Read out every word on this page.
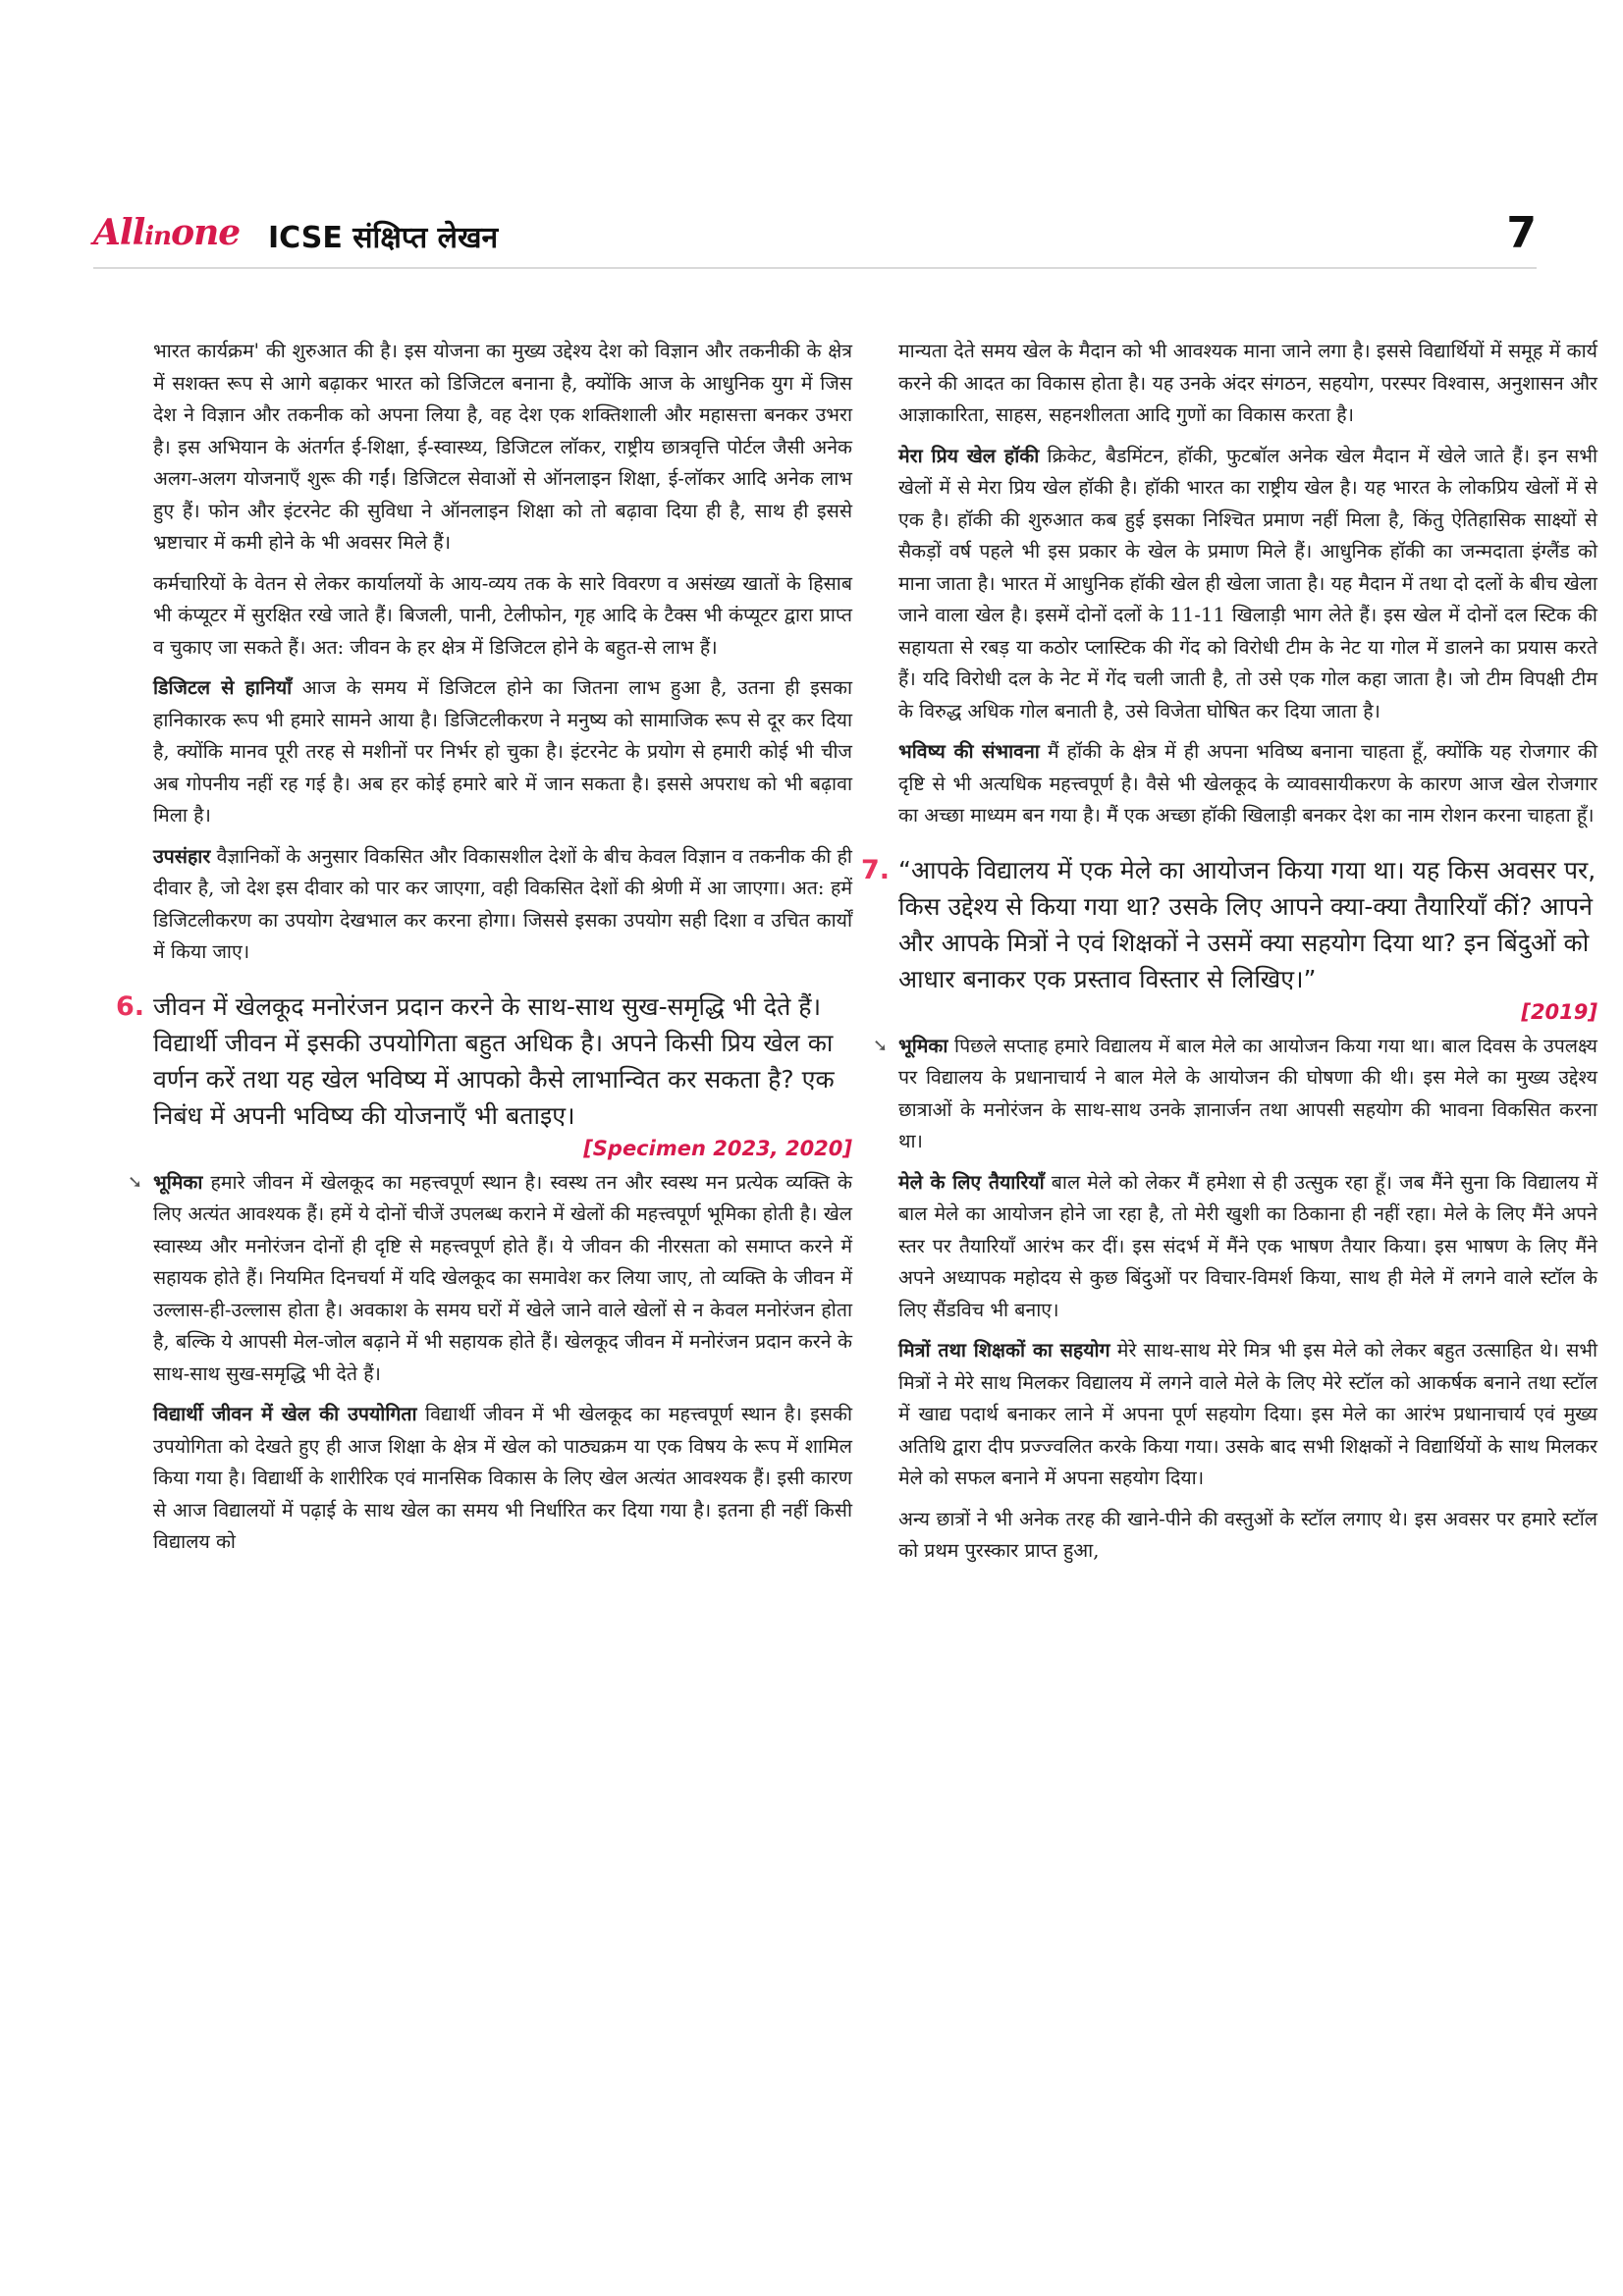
Allinone ICSE संक्षिप्त लेखन	7

भारत कार्यक्रम' की शुरुआत की है। इस योजना का मुख्य उद्देश्य देश को विज्ञान और तकनीकी के क्षेत्र में सशक्त रूप से आगे बढ़ाकर भारत को डिजिटल बनाना है, क्योंकि आज के आधुनिक युग में जिस देश ने विज्ञान और तकनीक को अपना लिया है, वह देश एक शक्तिशाली और महासत्ता बनकर उभरा है। इस अभियान के अंतर्गत ई-शिक्षा, ई-स्वास्थ्य, डिजिटल लॉकर, राष्ट्रीय छात्रवृत्ति पोर्टल जैसी अनेक अलग-अलग योजनाएँ शुरू की गईं। डिजिटल सेवाओं से ऑनलाइन शिक्षा, ई-लॉकर आदि अनेक लाभ हुए हैं। फोन और इंटरनेट की सुविधा ने ऑनलाइन शिक्षा को तो बढ़ावा दिया ही है, साथ ही इससे भ्रष्टाचार में कमी होने के भी अवसर मिले हैं।

कर्मचारियों के वेतन से लेकर कार्यालयों के आय-व्यय तक के सारे विवरण व असंख्य खातों के हिसाब भी कंप्यूटर में सुरक्षित रखे जाते हैं। बिजली, पानी, टेलीफोन, गृह आदि के टैक्स भी कंप्यूटर द्वारा प्राप्त व चुकाए जा सकते हैं। अत: जीवन के हर क्षेत्र में डिजिटल होने के बहुत-से लाभ हैं।

डिजिटल से हानियाँ आज के समय में डिजिटल होने का जितना लाभ हुआ है, उतना ही इसका हानिकारक रूप भी हमारे सामने आया है। डिजिटलीकरण ने मनुष्य को सामाजिक रूप से दूर कर दिया है, क्योंकि मानव पूरी तरह से मशीनों पर निर्भर हो चुका है। इंटरनेट के प्रयोग से हमारी कोई भी चीज अब गोपनीय नहीं रह गई है। अब हर कोई हमारे बारे में जान सकता है। इससे अपराध को भी बढ़ावा मिला है।

उपसंहार वैज्ञानिकों के अनुसार विकसित और विकासशील देशों के बीच केवल विज्ञान व तकनीक की ही दीवार है, जो देश इस दीवार को पार कर जाएगा, वही विकसित देशों की श्रेणी में आ जाएगा। अत: हमें डिजिटलीकरण का उपयोग देखभाल कर करना होगा। जिससे इसका उपयोग सही दिशा व उचित कार्यों में किया जाए।

6. जीवन में खेलकूद मनोरंजन प्रदान करने के साथ-साथ सुख-समृद्धि भी देते हैं। विद्यार्थी जीवन में इसकी उपयोगिता बहुत अधिक है। अपने किसी प्रिय खेल का वर्णन करें तथा यह खेल भविष्य में आपको कैसे लाभान्वित कर सकता है? एक निबंध में अपनी भविष्य की योजनाएँ भी बताइए।
[Specimen 2023, 2020]
➘ भूमिका हमारे जीवन में खेलकूद का महत्त्वपूर्ण स्थान है। स्वस्थ तन और स्वस्थ मन प्रत्येक व्यक्ति के लिए अत्यंत आवश्यक हैं। हमें ये दोनों चीजें उपलब्ध कराने में खेलों की महत्त्वपूर्ण भूमिका होती है। खेल स्वास्थ्य और मनोरंजन दोनों ही दृष्टि से महत्त्वपूर्ण होते हैं। ये जीवन की नीरसता को समाप्त करने में सहायक होते हैं। नियमित दिनचर्या में यदि खेलकूद का समावेश कर लिया जाए, तो व्यक्ति के जीवन में उल्लास-ही-उल्लास होता है। अवकाश के समय घरों में खेले जाने वाले खेलों से न केवल मनोरंजन होता है, बल्कि ये आपसी मेल-जोल बढ़ाने में भी सहायक होते हैं। खेलकूद जीवन में मनोरंजन प्रदान करने के साथ-साथ सुख-समृद्धि भी देते हैं।

विद्यार्थी जीवन में खेल की उपयोगिता विद्यार्थी जीवन में भी खेलकूद का महत्त्वपूर्ण स्थान है। इसकी उपयोगिता को देखते हुए ही आज शिक्षा के क्षेत्र में खेल को पाठ्यक्रम या एक विषय के रूप में शामिल किया गया है। विद्यार्थी के शारीरिक एवं मानसिक विकास के लिए खेल अत्यंत आवश्यक हैं। इसी कारण से आज विद्यालयों में पढ़ाई के साथ खेल का समय भी निर्धारित कर दिया गया है। इतना ही नहीं किसी विद्यालय को

मान्यता देते समय खेल के मैदान को भी आवश्यक माना जाने लगा है। इससे विद्यार्थियों में समूह में कार्य करने की आदत का विकास होता है। यह उनके अंदर संगठन, सहयोग, परस्पर विश्वास, अनुशासन और आज्ञाकारिता, साहस, सहनशीलता आदि गुणों का विकास करता है।

मेरा प्रिय खेल हॉकी क्रिकेट, बैडमिंटन, हॉकी, फुटबॉल अनेक खेल मैदान में खेले जाते हैं। इन सभी खेलों में से मेरा प्रिय खेल हॉकी है। हॉकी भारत का राष्ट्रीय खेल है। यह भारत के लोकप्रिय खेलों में से एक है। हॉकी की शुरुआत कब हुई इसका निश्चित प्रमाण नहीं मिला है, किंतु ऐतिहासिक साक्ष्यों से सैकड़ों वर्ष पहले भी इस प्रकार के खेल के प्रमाण मिले हैं। आधुनिक हॉकी का जन्मदाता इंग्लैंड को माना जाता है। भारत में आधुनिक हॉकी खेल ही खेला जाता है। यह मैदान में तथा दो दलों के बीच खेला जाने वाला खेल है। इसमें दोनों दलों के 11-11 खिलाड़ी भाग लेते हैं। इस खेल में दोनों दल स्टिक की सहायता से रबड़ या कठोर प्लास्टिक की गेंद को विरोधी टीम के नेट या गोल में डालने का प्रयास करते हैं। यदि विरोधी दल के नेट में गेंद चली जाती है, तो उसे एक गोल कहा जाता है। जो टीम विपक्षी टीम के विरुद्ध अधिक गोल बनाती है, उसे विजेता घोषित कर दिया जाता है।

भविष्य की संभावना मैं हॉकी के क्षेत्र में ही अपना भविष्य बनाना चाहता हूँ, क्योंकि यह रोजगार की दृष्टि से भी अत्यधिक महत्त्वपूर्ण है। वैसे भी खेलकूद के व्यावसायीकरण के कारण आज खेल रोजगार का अच्छा माध्यम बन गया है। मैं एक अच्छा हॉकी खिलाड़ी बनकर देश का नाम रोशन करना चाहता हूँ।

7. “आपके विद्यालय में एक मेले का आयोजन किया गया था। यह किस अवसर पर, किस उद्देश्य से किया गया था? उसके लिए आपने क्या-क्या तैयारियाँ कीं? आपने और आपके मित्रों ने एवं शिक्षकों ने उसमें क्या सहयोग दिया था? इन बिंदुओं को आधार बनाकर एक प्रस्ताव विस्तार से लिखिए।”
[2019]
➘ भूमिका पिछले सप्ताह हमारे विद्यालय में बाल मेले का आयोजन किया गया था। बाल दिवस के उपलक्ष्य पर विद्यालय के प्रधानाचार्य ने बाल मेले के आयोजन की घोषणा की थी। इस मेले का मुख्य उद्देश्य छात्राओं के मनोरंजन के साथ-साथ उनके ज्ञानार्जन तथा आपसी सहयोग की भावना विकसित करना था।

मेले के लिए तैयारियाँ बाल मेले को लेकर मैं हमेशा से ही उत्सुक रहा हूँ। जब मैंने सुना कि विद्यालय में बाल मेले का आयोजन होने जा रहा है, तो मेरी खुशी का ठिकाना ही नहीं रहा। मेले के लिए मैंने अपने स्तर पर तैयारियाँ आरंभ कर दीं। इस संदर्भ में मैंने एक भाषण तैयार किया। इस भाषण के लिए मैंने अपने अध्यापक महोदय से कुछ बिंदुओं पर विचार-विमर्श किया, साथ ही मेले में लगने वाले स्टॉल के लिए सैंडविच भी बनाए।

मित्रों तथा शिक्षकों का सहयोग मेरे साथ-साथ मेरे मित्र भी इस मेले को लेकर बहुत उत्साहित थे। सभी मित्रों ने मेरे साथ मिलकर विद्यालय में लगने वाले मेले के लिए मेरे स्टॉल को आकर्षक बनाने तथा स्टॉल में खाद्य पदार्थ बनाकर लाने में अपना पूर्ण सहयोग दिया। इस मेले का आरंभ प्रधानाचार्य एवं मुख्य अतिथि द्वारा दीप प्रज्ज्वलित करके किया गया। उसके बाद सभी शिक्षकों ने विद्यार्थियों के साथ मिलकर मेले को सफल बनाने में अपना सहयोग दिया।

अन्य छात्रों ने भी अनेक तरह की खाने-पीने की वस्तुओं के स्टॉल लगाए थे। इस अवसर पर हमारे स्टॉल को प्रथम पुरस्कार प्राप्त हुआ,
